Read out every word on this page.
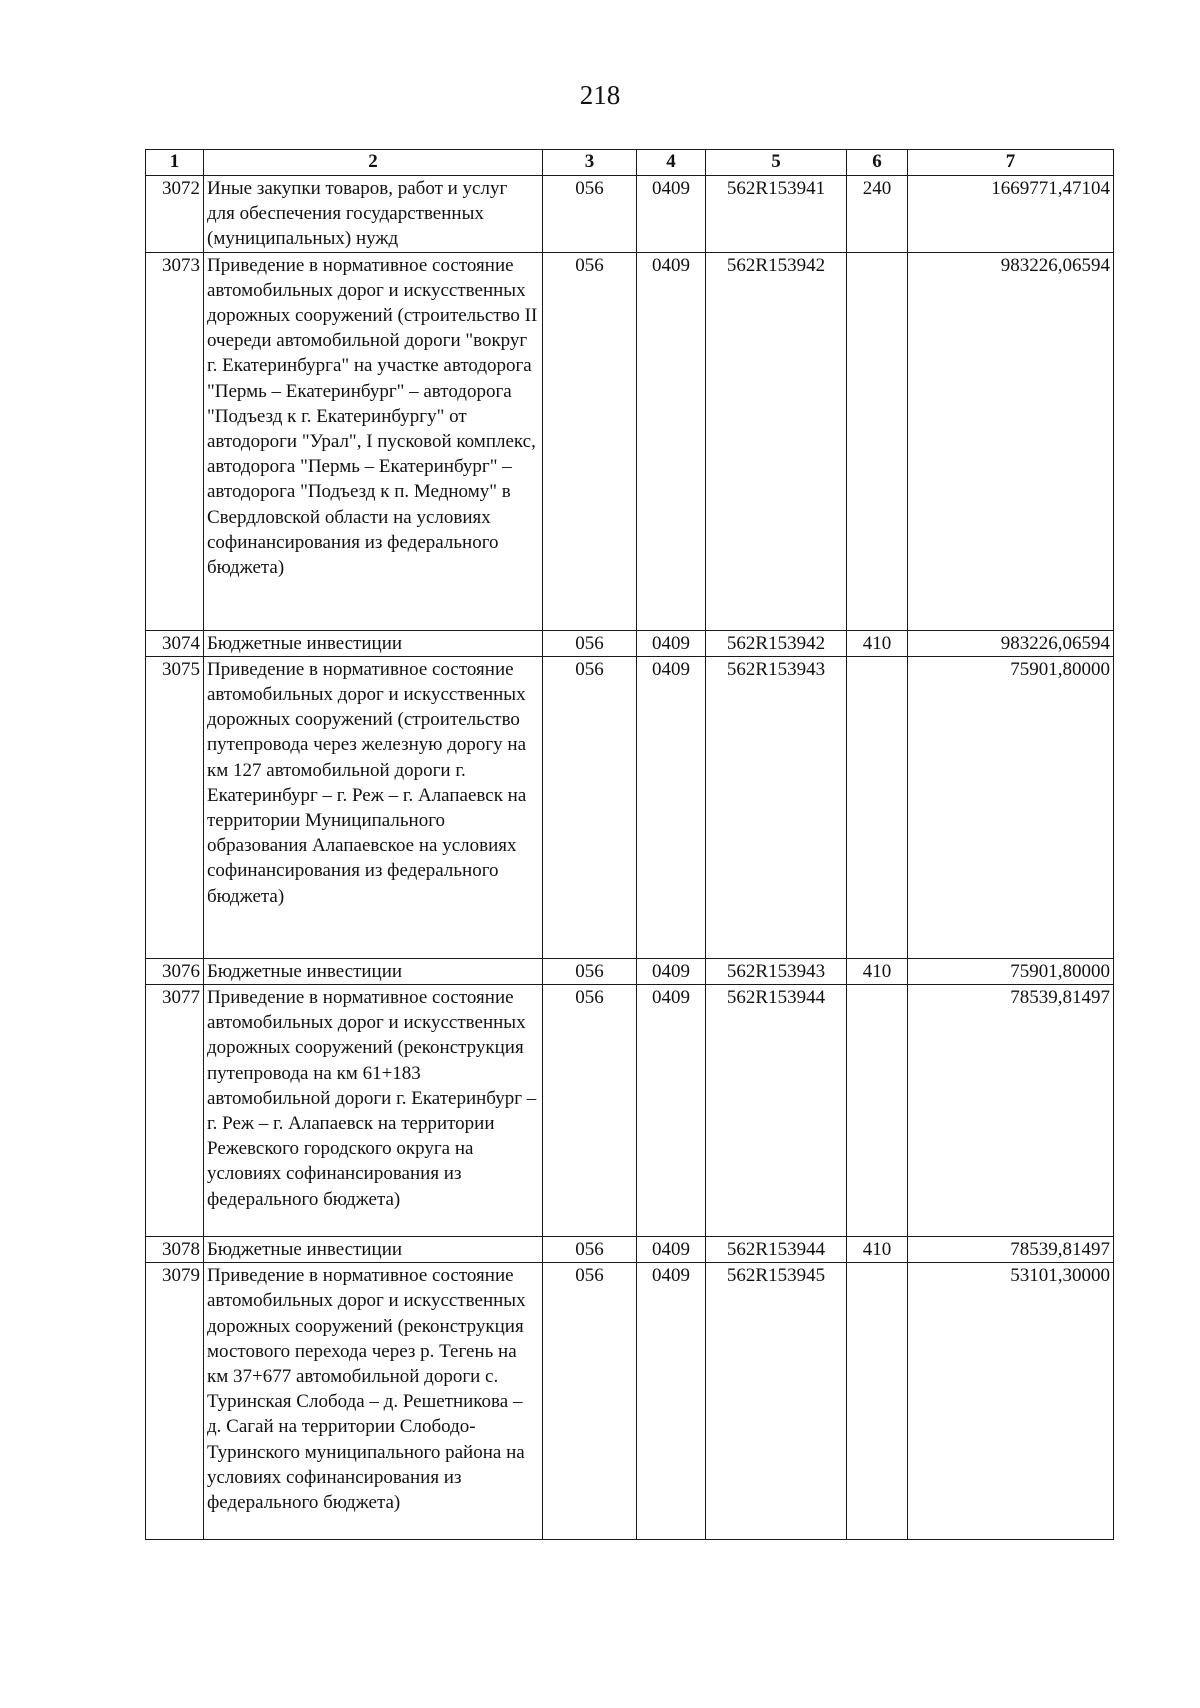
218
1	2	3	4	5	6	7
3072	Иные закупки товаров, работ и услуг для обеспечения государственных (муниципальных) нужд	056	0409	562R153941	240	1669771,47104
3073	Приведение в нормативное состояние автомобильных дорог и искусственных дорожных сооружений (строительство II очереди автомобильной дороги "вокруг г. Екатеринбурга" на участке автодорога "Пермь – Екатеринбург" – автодорога "Подъезд к г. Екатеринбургу" от автодороги "Урал", I пусковой комплекс, автодорога "Пермь – Екатеринбург" – автодорога "Подъезд к п. Медному" в Свердловской области на условиях софинансирования из федерального бюджета)	056	0409	562R153942		983226,06594
3074	Бюджетные инвестиции	056	0409	562R153942	410	983226,06594
3075	Приведение в нормативное состояние автомобильных дорог и искусственных дорожных сооружений (строительство путепровода через железную дорогу на км 127 автомобильной дороги г. Екатеринбург – г. Реж – г. Алапаевск на территории Муниципального образования Алапаевское на условиях софинансирования из федерального бюджета)	056	0409	562R153943		75901,80000
3076	Бюджетные инвестиции	056	0409	562R153943	410	75901,80000
3077	Приведение в нормативное состояние автомобильных дорог и искусственных дорожных сооружений (реконструкция путепровода на км 61+183 автомобильной дороги г. Екатеринбург – г. Реж – г. Алапаевск на территории Режевского городского округа на условиях софинансирования из федерального бюджета)	056	0409	562R153944		78539,81497
3078	Бюджетные инвестиции	056	0409	562R153944	410	78539,81497
3079	Приведение в нормативное состояние автомобильных дорог и искусственных дорожных сооружений (реконструкция мостового перехода через р. Тегень на км 37+677 автомобильной дороги с. Туринская Слобода – д. Решетникова – д. Сагай на территории Слободо-Туринского муниципального района на условиях софинансирования из федерального бюджета)	056	0409	562R153945		53101,30000
